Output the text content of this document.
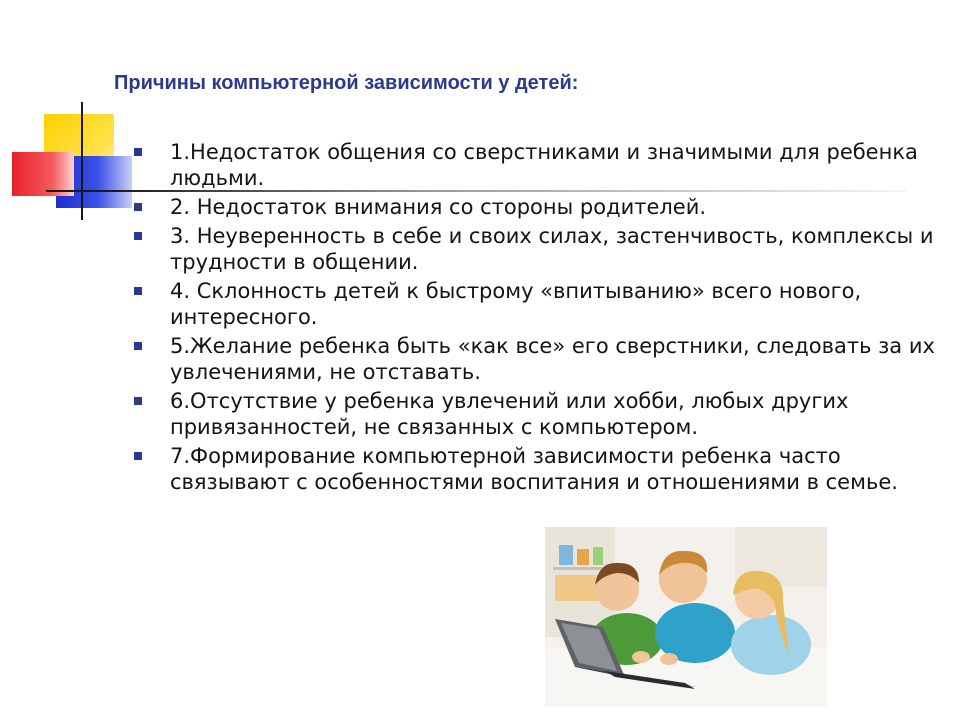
Причины компьютерной зависимости у детей:
1.Недостаток общения со сверстниками и значимыми для ребенка людьми.
2. Недостаток внимания со стороны родителей.
3. Неуверенность в себе и своих силах, застенчивость, комплексы и трудности в общении.
4. Склонность детей к быстрому «впитыванию» всего нового, интересного.
5.Желание ребенка быть «как все» его сверстники, следовать за их увлечениями, не отставать.
6.Отсутствие у ребенка увлечений или хобби, любых других привязанностей, не связанных с компьютером.
7.Формирование компьютерной зависимости ребенка часто связывают с особенностями воспитания и отношениями в семье.
